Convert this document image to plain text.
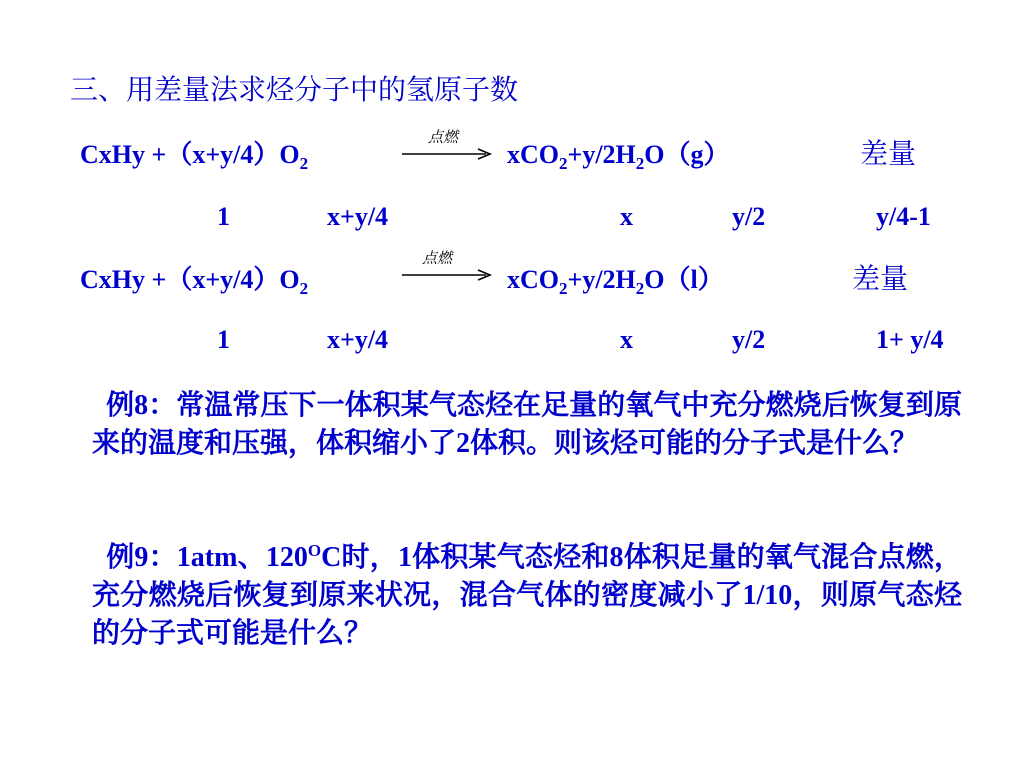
三、用差量法求烃分子中的氢原子数
CxHy $+(x+y/4)O_2$
点燃
$xCO_2+y/2H_2O(g)$	差量
1	x+y/4	x	y/2	y/4-1
CxHy $+(x+y/4)O_2$
点燃
$xCO_2+y/2H_2O(l)$	差量
1	x+y/4	x	y/2	1+ y/4
例8：常温常压下一体积某气态烃在足量的氧气中充分燃烧后恢复到原来的温度和压强，体积缩小了2体积。则该烃可能的分子式是什么？
例9：1atm、$120^OC$时，1体积某气态烃和8体积足量的氧气混合点燃，充分燃烧后恢复到原来状况，混合气体的密度减小了1/10，则原气态烃的分子式可能是什么？
